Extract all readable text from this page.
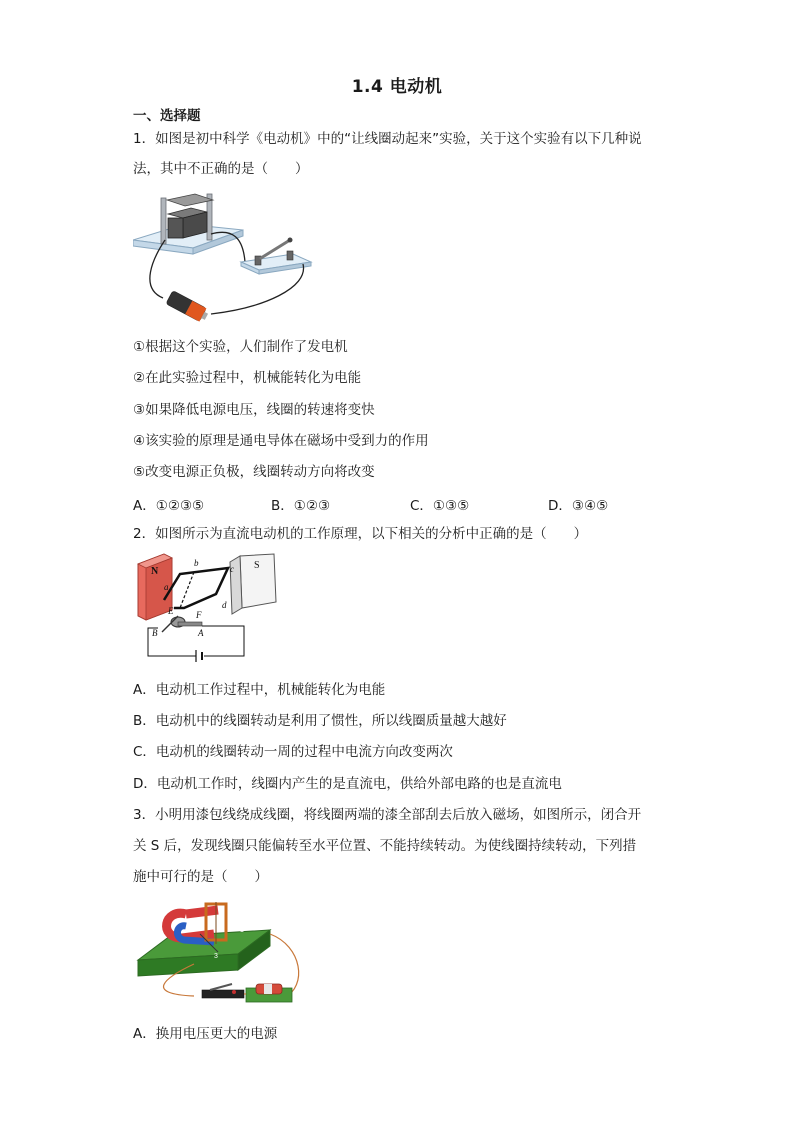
1.4 电动机
一、选择题
1．如图是初中科学《电动机》中的“让线圈动起来”实验，关于这个实验有以下几种说
法，其中不正确的是（　　）
①根据这个实验，人们制作了发电机
②在此实验过程中，机械能转化为电能
③如果降低电源电压，线圈的转速将变快
④该实验的原理是通电导体在磁场中受到力的作用
⑤改变电源正负极，线圈转动方向将改变
A．①②③⑤	B．①②③	C．①③⑤	D．③④⑤
2．如图所示为直流电动机的工作原理，以下相关的分析中正确的是（　　）
N
S
a
b
c
d
E	F
A
B
A．电动机工作过程中，机械能转化为电能
B．电动机中的线圈转动是利用了惯性，所以线圈质量越大越好
C．电动机的线圈转动一周的过程中电流方向改变两次
D．电动机工作时，线圈内产生的是直流电，供给外部电路的也是直流电
3．小明用漆包线绕成线圈，将线圈两端的漆全部刮去后放入磁场，如图所示，闭合开
关 S 后，发现线圈只能偏转至水平位置、不能持续转动。为使线圈持续转动，下列措
施中可行的是（　　）
1
3
A．换用电压更大的电源
